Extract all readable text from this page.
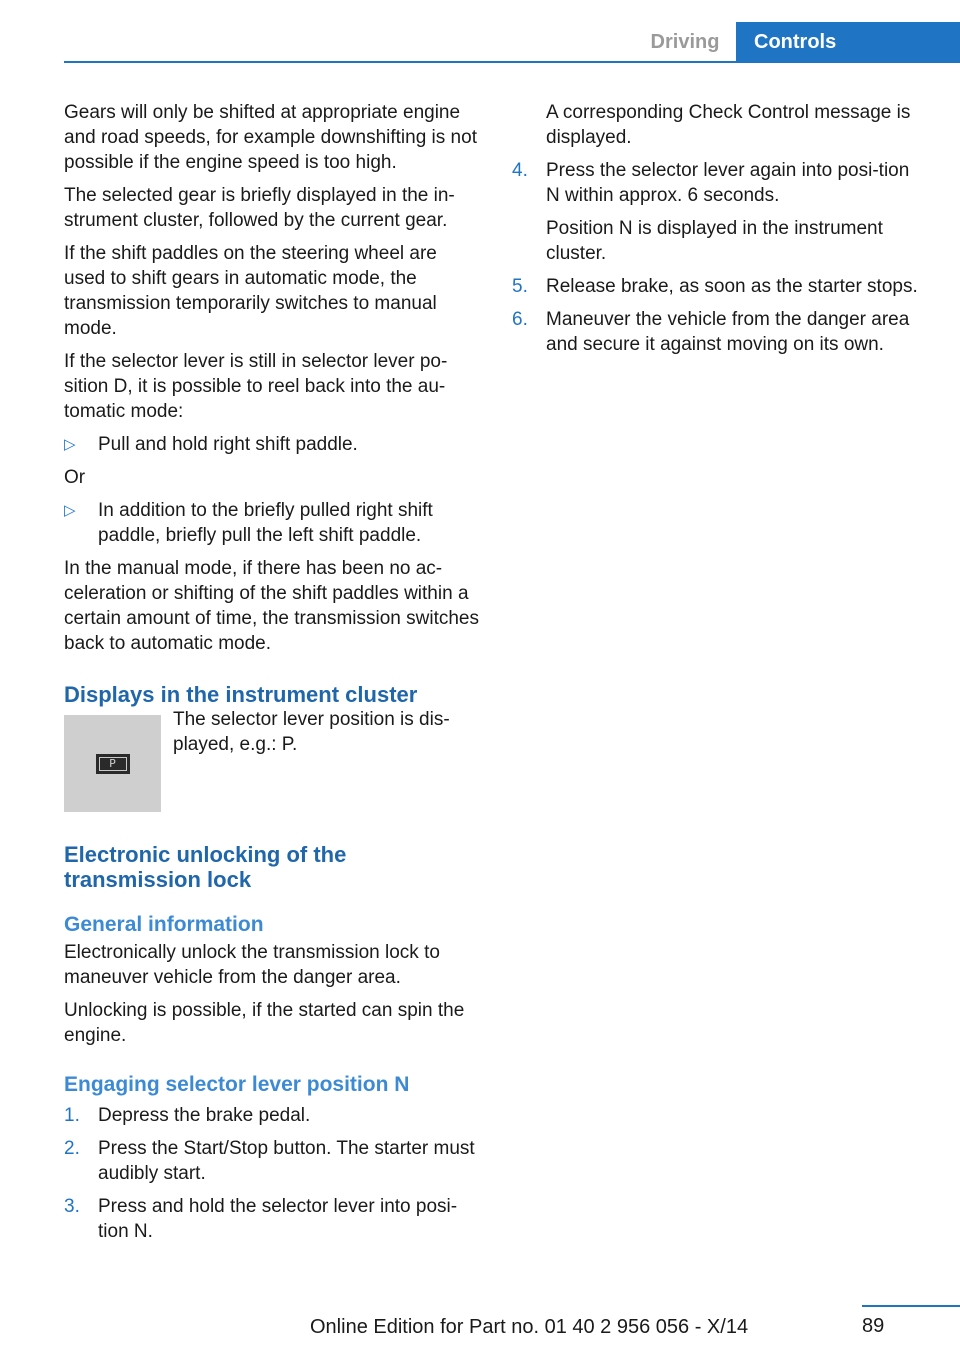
Driving	Controls

Gears will only be shifted at appropriate engine and road speeds, for example downshifting is not possible if the engine speed is too high.

The selected gear is briefly displayed in the in‐strument cluster, followed by the current gear.

If the shift paddles on the steering wheel are used to shift gears in automatic mode, the transmission temporarily switches to manual mode.

If the selector lever is still in selector lever po‐sition D, it is possible to reel back into the au‐tomatic mode:

▷	Pull and hold right shift paddle.

Or

▷	In addition to the briefly pulled right shift paddle, briefly pull the left shift paddle.

In the manual mode, if there has been no ac‐celeration or shifting of the shift paddles within a certain amount of time, the transmission switches back to automatic mode.

Displays in the instrument cluster
P
The selector lever position is dis‐played, e.g.: P.
Electronic unlocking of the transmission lock
General information

Electronically unlock the transmission lock to maneuver vehicle from the danger area.

Unlocking is possible, if the started can spin the engine.

Engaging selector lever position N
1. Depress the brake pedal.
2. Press the Start/Stop button. The starter must audibly start.
3. Press and hold the selector lever into posi‐tion N.

A corresponding Check Control message is displayed.

4. Press the selector lever again into posi‐tion N within approx. 6 seconds.

Position N is displayed in the instrument cluster.

5. Release brake, as soon as the starter stops.
6. Maneuver the vehicle from the danger area and secure it against moving on its own.
89
Online Edition for Part no. 01 40 2 956 056 - X/14
